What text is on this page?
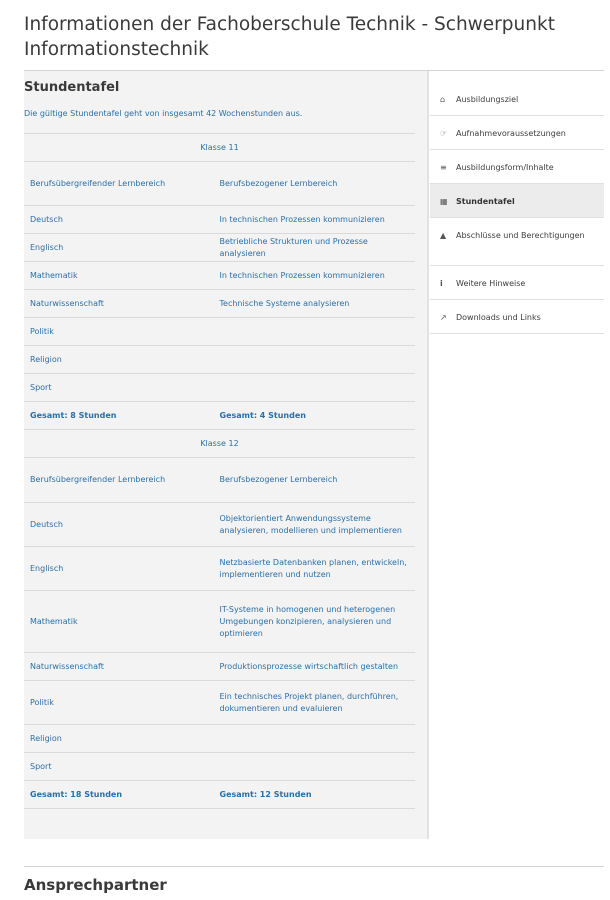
Informationen der Fachoberschule Technik - Schwerpunkt Informationstechnik
Stundentafel

Die gültige Stundentafel geht von insgesamt 42 Wochenstunden aus.

Klasse 11	
Berufsübergreifender Lernbereich	Berufsbezogener Lernbereich
Deutsch	In technischen Prozessen kommunizieren
Englisch	Betriebliche Strukturen und Prozesse analysieren
Mathematik	In technischen Prozessen kommunizieren
Naturwissenschaft	Technische Systeme analysieren
Politik	
Religion	
Sport	
Gesamt: 8 Stunden	Gesamt: 4 Stunden
Klasse 12	
Berufsübergreifender Lernbereich	Berufsbezogener Lernbereich
Deutsch	Objektorientiert Anwendungssysteme analysieren, modellieren und implementieren
Englisch	Netzbasierte Datenbanken planen, entwickeln, implementieren und nutzen
Mathematik	IT-Systeme in homogenen und heterogenen Umgebungen konzipieren, analysieren und optimieren
Naturwissenschaft	Produktionsprozesse wirtschaftlich gestalten
Politik	Ein technisches Projekt planen, durchführen, dokumentieren und evaluieren
Religion	
Sport	
Gesamt: 18 Stunden	Gesamt: 12 Stunden
⌂	Ausbildungsziel
☞	Aufnahmevoraussetzungen
≡	Ausbildungsform/Inhalte
▦	Stundentafel
▲	Abschlüsse und Berechtigungen
i	Weitere Hinweise
↗	Downloads und Links
Ansprechpartner
